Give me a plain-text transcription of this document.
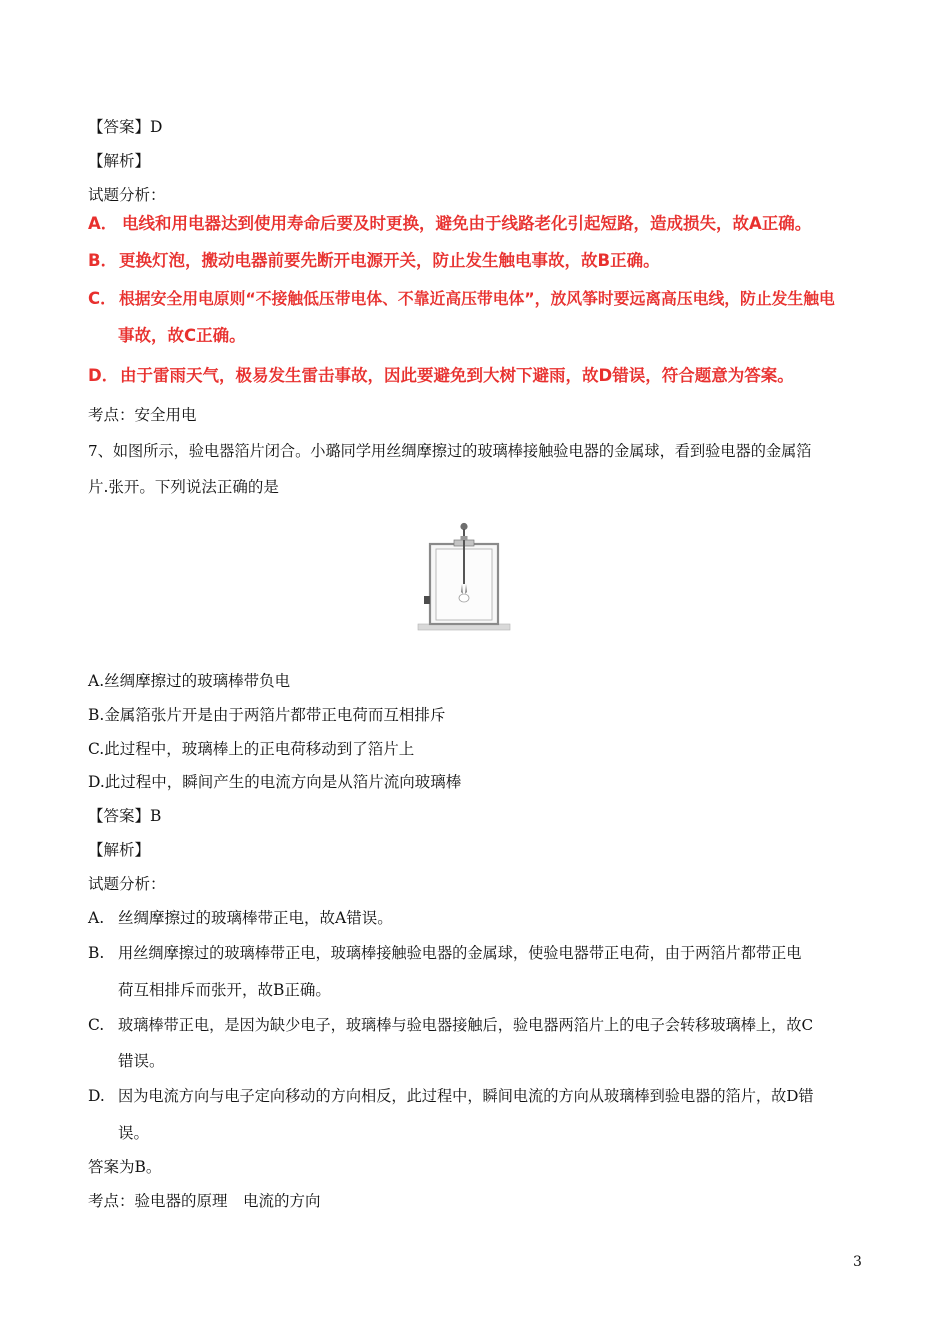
【答案】D
【解析】
试题分析：
A． 电线和用电器达到使用寿命后要及时更换，避免由于线路老化引起短路，造成损失，故A正确。
B． 更换灯泡，搬动电器前要先断开电源开关，防止发生触电事故，故B正确。
C． 根据安全用电原则“不接触低压带电体、不靠近高压带电体”，放风筝时要远离高压电线，防止发生触电
事故，故C正确。
D． 由于雷雨天气，极易发生雷击事故，因此要避免到大树下避雨，故D错误，符合题意为答案。
考点：安全用电
7、如图所示，验电器箔片闭合。小璐同学用丝绸摩擦过的玻璃棒接触验电器的金属球，看到验电器的金属箔
片.张开。下列说法正确的是
A.丝绸摩擦过的玻璃棒带负电
B.金属箔张片开是由于两箔片都带正电荷而互相排斥
C.此过程中，玻璃棒上的正电荷移动到了箔片上
D.此过程中，瞬间产生的电流方向是从箔片流向玻璃棒
【答案】B
【解析】
试题分析：
A. 丝绸摩擦过的玻璃棒带正电，故A错误。
B. 用丝绸摩擦过的玻璃棒带正电，玻璃棒接触验电器的金属球，使验电器带正电荷，由于两箔片都带正电
荷互相排斥而张开，故B正确。
C. 玻璃棒带正电，是因为缺少电子，玻璃棒与验电器接触后，验电器两箔片上的电子会转移玻璃棒上，故C
错误。
D. 因为电流方向与电子定向移动的方向相反，此过程中，瞬间电流的方向从玻璃棒到验电器的箔片，故D错
误。
答案为B。
考点：验电器的原理　电流的方向
3
